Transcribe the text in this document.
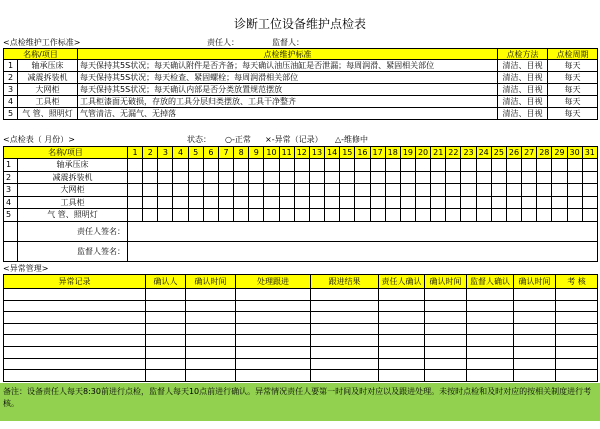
诊断工位设备维护点检表
<点检维护工作标准>	责任人：	监督人：
名称/项目		点检维护标准	点检方法	点检周期
1	轴承压床	每天保持其5S状况；每天确认附件是否齐备；每天确认油压油缸是否泄漏；每周润滑、紧固相关部位	清洁、目视	每天
2	减震拆装机	每天保持其5S状况；每天检查、紧固螺栓；每周润滑相关部位	清洁、目视	每天
3	大网柜	每天保持其5S状况；每天确认内部是否分类放置规范摆放	清洁、目视	每天
4	工具柜	工具柜漆面无破损，存放的工具分层归类摆放、工具干净整齐	清洁、目视	每天
5	气 管、照明灯	气管清洁、无漏气、无掉落	清洁、目视	每天
<点检表（ 月份）>	状态： ○-正常 ×-异常（记录） △-维修中
名称/项目		1	2	3	4	5	6	7	8	9	10	11	12	13	14	15	16	17	18	19	20	21	22	23	24	25	26	27	28	29	30	31
1	轴承压床																															
2	减震拆装机																															
3	大网柜																															
4	工具柜																															
5	气 管、照明灯																															
	责任人签名：																															
	监督人签名：																															
<异常管理>
异常记录	确认人	确认时间	处理跟进	跟进结果	责任人确认	确认时间	监督人确认	确认时间	考 核

备注：设备责任人每天8:30前进行点检，监督人每天10点前进行确认。异常情况责任人要第一时间及时对应以及跟进处理。未按时点检和及时对应的按相关制度进行考核。
